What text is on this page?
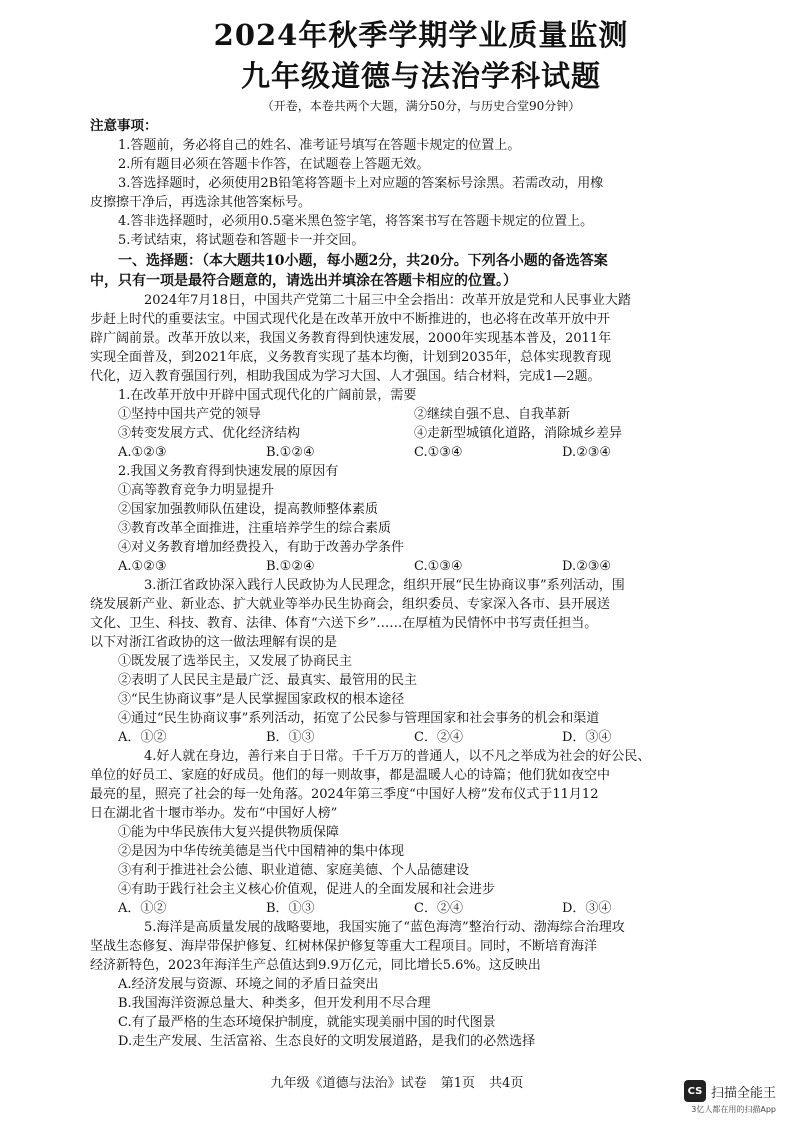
2024年秋季学期学业质量监测
九年级道德与法治学科试题
（开卷，本卷共两个大题，满分50分，与历史合堂90分钟）
注意事项：
1.答题前，务必将自己的姓名、准考证号填写在答题卡规定的位置上。
2.所有题目必须在答题卡作答，在试题卷上答题无效。
3.答选择题时，必须使用2B铅笔将答题卡上对应题的答案标号涂黑。若需改动，用橡
皮擦擦干净后，再选涂其他答案标号。
4.答非选择题时，必须用0.5毫米黑色签字笔，将答案书写在答题卡规定的位置上。
5.考试结束，将试题卷和答题卡一并交回。
一、选择题：（本大题共10小题，每小题2分，共20分。下列各小题的备选答案
中，只有一项是最符合题意的，请选出并填涂在答题卡相应的位置。）
2024年7月18日，中国共产党第二十届三中全会指出：改革开放是党和人民事业大踏
步赶上时代的重要法宝。中国式现代化是在改革开放中不断推进的，也必将在改革开放中开
辟广阔前景。改革开放以来，我国义务教育得到快速发展，2000年实现基本普及，2011年
实现全面普及，到2021年底，义务教育实现了基本均衡，计划到2035年，总体实现教育现
代化，迈入教育强国行列，相助我国成为学习大国、人才强国。结合材料，完成1—2题。
1.在改革开放中开辟中国式现代化的广阔前景，需要
①坚持中国共产党的领导	②继续自强不息、自我革新
③转变发展方式、优化经济结构	④走新型城镇化道路，消除城乡差异
A.①②③	B.①②④	C.①③④	D.②③④
2.我国义务教育得到快速发展的原因有
①高等教育竞争力明显提升
②国家加强教师队伍建设，提高教师整体素质
③教育改革全面推进，注重培养学生的综合素质
④对义务教育增加经费投入，有助于改善办学条件
A.①②③	B.①②④	C.①③④	D.②③④
3.浙江省政协深入践行人民政协为人民理念，组织开展“民生协商议事”系列活动，围
绕发展新产业、新业态、扩大就业等举办民生协商会，组织委员、专家深入各市、县开展送
文化、卫生、科技、教育、法律、体育“六送下乡”……在厚植为民情怀中书写责任担当。
以下对浙江省政协的这一做法理解有误的是
①既发展了选举民主，又发展了协商民主
②表明了人民民主是最广泛、最真实、最管用的民主
③“民生协商议事”是人民掌握国家政权的根本途径
④通过“民生协商议事”系列活动，拓宽了公民参与管理国家和社会事务的机会和渠道
A．①②	B．①③	C．②④	D．③④
4.好人就在身边，善行来自于日常。千千万万的普通人，以不凡之举成为社会的好公民、
单位的好员工、家庭的好成员。他们的每一则故事，都是温暖人心的诗篇；他们犹如夜空中
最亮的星，照亮了社会的每一处角落。2024年第三季度“中国好人榜”发布仪式于11月12
日在湖北省十堰市举办。发布“中国好人榜”
①能为中华民族伟大复兴提供物质保障
②是因为中华传统美德是当代中国精神的集中体现
③有利于推进社会公德、职业道德、家庭美德、个人品德建设
④有助于践行社会主义核心价值观，促进人的全面发展和社会进步
A．①②	B．①③	C．②④	D．③④
5.海洋是高质量发展的战略要地，我国实施了“蓝色海湾”整治行动、渤海综合治理攻
坚战生态修复、海岸带保护修复、红树林保护修复等重大工程项目。同时，不断培育海洋
经济新特色，2023年海洋生产总值达到9.9万亿元，同比增长5.6%。这反映出
A.经济发展与资源、环境之间的矛盾日益突出
B.我国海洋资源总量大、种类多，但开发利用不尽合理
C.有了最严格的生态环境保护制度，就能实现美丽中国的时代图景
D.走生产发展、生活富裕、生态良好的文明发展道路，是我们的必然选择
九年级《道德与法治》试卷 第1页 共4页	CS 扫描全能王
3亿人都在用的扫描App
